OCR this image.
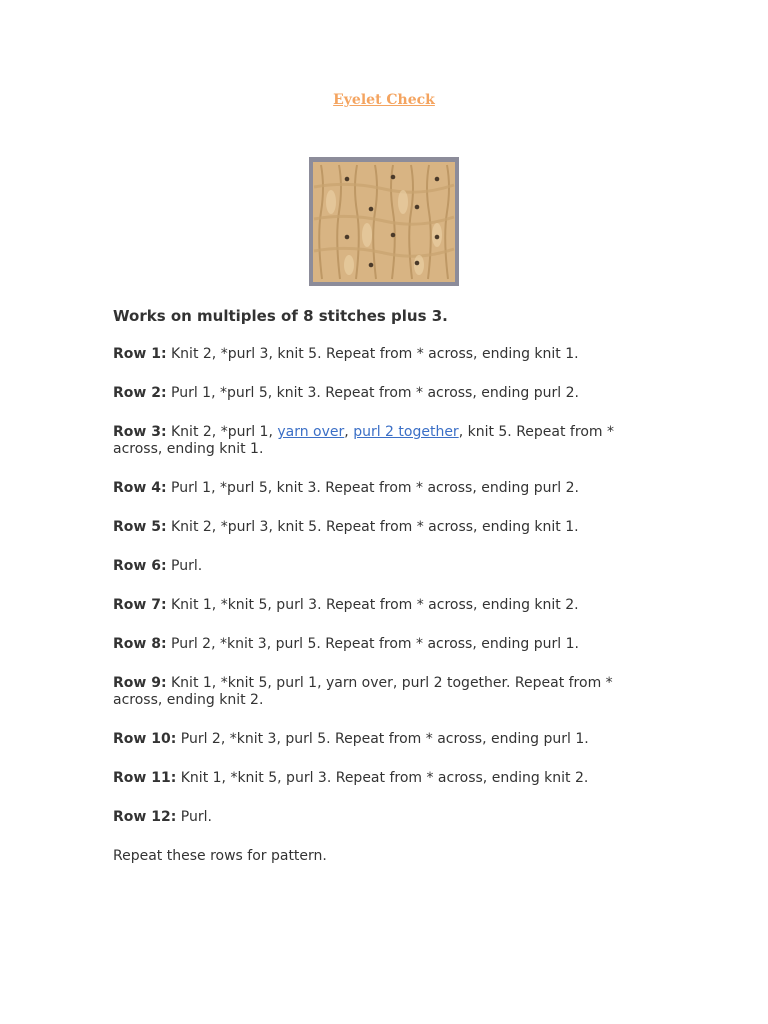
Eyelet Check

Works on multiples of 8 stitches plus 3.

Row 1: Knit 2, *purl 3, knit 5. Repeat from * across, ending knit 1.

Row 2: Purl 1, *purl 5, knit 3. Repeat from * across, ending purl 2.

Row 3: Knit 2, *purl 1, yarn over, purl 2 together, knit 5. Repeat from * across, ending knit 1.

Row 4: Purl 1, *purl 5, knit 3. Repeat from * across, ending purl 2.

Row 5: Knit 2, *purl 3, knit 5. Repeat from * across, ending knit 1.

Row 6: Purl.

Row 7: Knit 1, *knit 5, purl 3. Repeat from * across, ending knit 2.

Row 8: Purl 2, *knit 3, purl 5. Repeat from * across, ending purl 1.

Row 9: Knit 1, *knit 5, purl 1, yarn over, purl 2 together. Repeat from * across, ending knit 2.

Row 10: Purl 2, *knit 3, purl 5. Repeat from * across, ending purl 1.

Row 11: Knit 1, *knit 5, purl 3. Repeat from * across, ending knit 2.

Row 12: Purl.

Repeat these rows for pattern.
